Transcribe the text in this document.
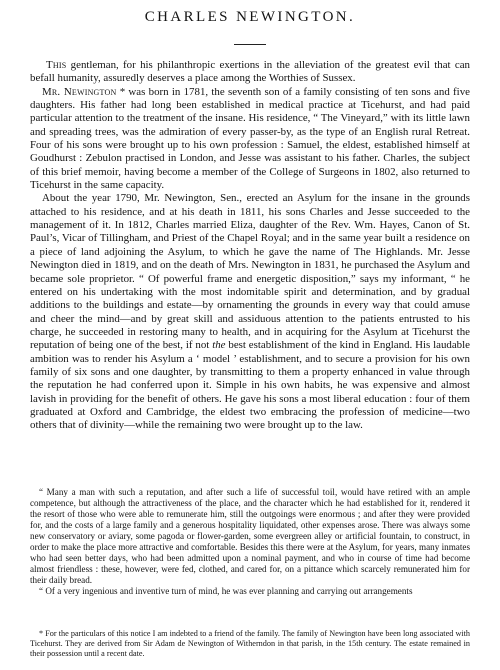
CHARLES NEWINGTON.

This gentleman, for his philanthropic exertions in the alleviation of the greatest evil that can befall humanity, assuredly deserves a place among the Worthies of Sussex.

Mr. Newington * was born in 1781, the seventh son of a family consisting of ten sons and five daughters. His father had long been established in medical practice at Ticehurst, and had paid particular attention to the treatment of the insane. His residence, “ The Vineyard,” with its little lawn and spreading trees, was the admiration of every passer-by, as the type of an English rural Retreat. Four of his sons were brought up to his own profession : Samuel, the eldest, established himself at Goudhurst : Zebulon practised in London, and Jesse was assistant to his father. Charles, the subject of this brief memoir, having become a member of the College of Surgeons in 1802, also returned to Ticehurst in the same capacity.

About the year 1790, Mr. Newington, Sen., erected an Asylum for the insane in the grounds attached to his residence, and at his death in 1811, his sons Charles and Jesse succeeded to the management of it. In 1812, Charles married Eliza, daughter of the Rev. Wm. Hayes, Canon of St. Paul’s, Vicar of Tillingham, and Priest of the Chapel Royal; and in the same year built a residence on a piece of land adjoining the Asylum, to which he gave the name of The Highlands. Mr. Jesse Newington died in 1819, and on the death of Mrs. Newington in 1831, he purchased the Asylum and became sole proprietor. “ Of powerful frame and energetic disposition,” says my informant, “ he entered on his undertaking with the most indomitable spirit and determination, and by gradual additions to the buildings and estate—by ornamenting the grounds in every way that could amuse and cheer the mind—and by great skill and assiduous attention to the patients entrusted to his charge, he succeeded in restoring many to health, and in acquiring for the Asylum at Ticehurst the reputation of being one of the best, if not the best establishment of the kind in England. His laudable ambition was to render his Asylum a ‘ model ’ establishment, and to secure a provision for his own family of six sons and one daughter, by transmitting to them a property enhanced in value through the reputation he had conferred upon it. Simple in his own habits, he was expensive and almost lavish in providing for the benefit of others. He gave his sons a most liberal education : four of them graduated at Oxford and Cambridge, the eldest two embracing the profession of medicine—two others that of divinity—while the remaining two were brought up to the law.

“ Many a man with such a reputation, and after such a life of successful toil, would have retired with an ample competence, but although the attractiveness of the place, and the character which he had established for it, rendered it the resort of those who were able to remunerate him, still the outgoings were enormous ; and after they were provided for, and the costs of a large family and a generous hospitality liquidated, other expenses arose. There was always some new conservatory or aviary, some pagoda or flower-garden, some evergreen alley or artificial fountain, to construct, in order to make the place more attractive and comfortable. Besides this there were at the Asylum, for years, many inmates who had seen better days, who had been admitted upon a nominal payment, and who in course of time had become almost friendless : these, however, were fed, clothed, and cared for, on a pittance which scarcely remunerated him for their daily bread.

“ Of a very ingenious and inventive turn of mind, he was ever planning and carrying out arrangements

* For the particulars of this notice I am indebted to a friend of the family. The family of Newington have been long associated with Ticehurst. They are derived from Sir Adam de Newington of Witherndon in that parish, in the 15th century. The estate remained in their possession until a recent date.
